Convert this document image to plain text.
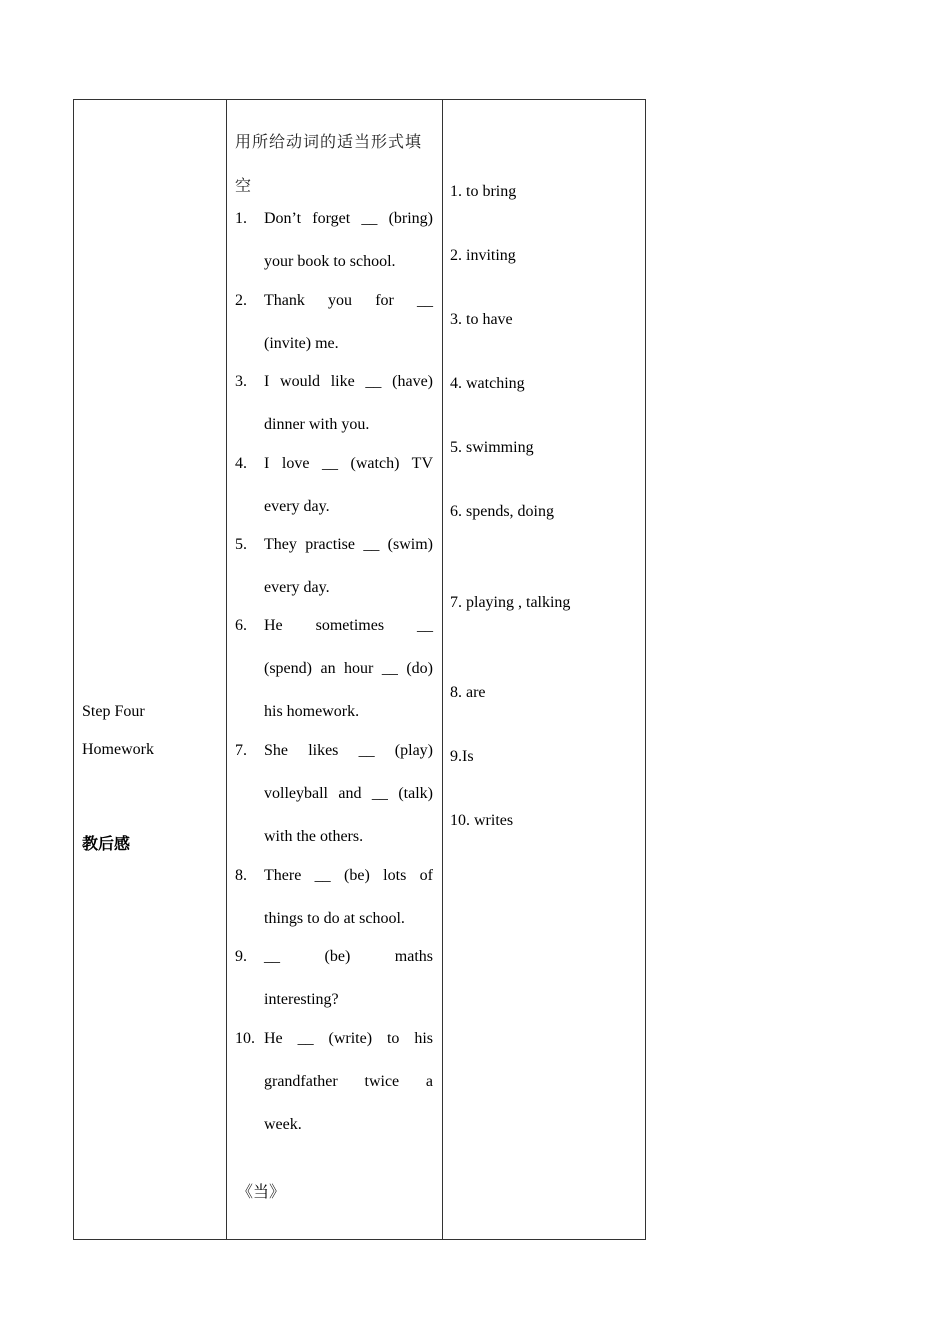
Step Four
Homework
教后感
用所给动词的适当形式填
空
1. Don’t forget __ (bring)
your book to school.
2. Thank you for __
(invite) me.
3. I would like __ (have)
dinner with you.
4. I love __ (watch) TV
every day.
5. They practise __ (swim)
every day.
6. He sometimes __
(spend) an hour __ (do)
his homework.
7. She likes __ (play)
volleyball and __ (talk)
with the others.
8. There __ (be) lots of
things to do at school.
9. __ (be) maths
interesting?
10. He __ (write) to his
grandfather twice a
week.
《当》
1. to bring
2. inviting
3. to have
4. watching
5. swimming
6. spends, doing
7. playing , talking
8. are
9.Is
10. writes
